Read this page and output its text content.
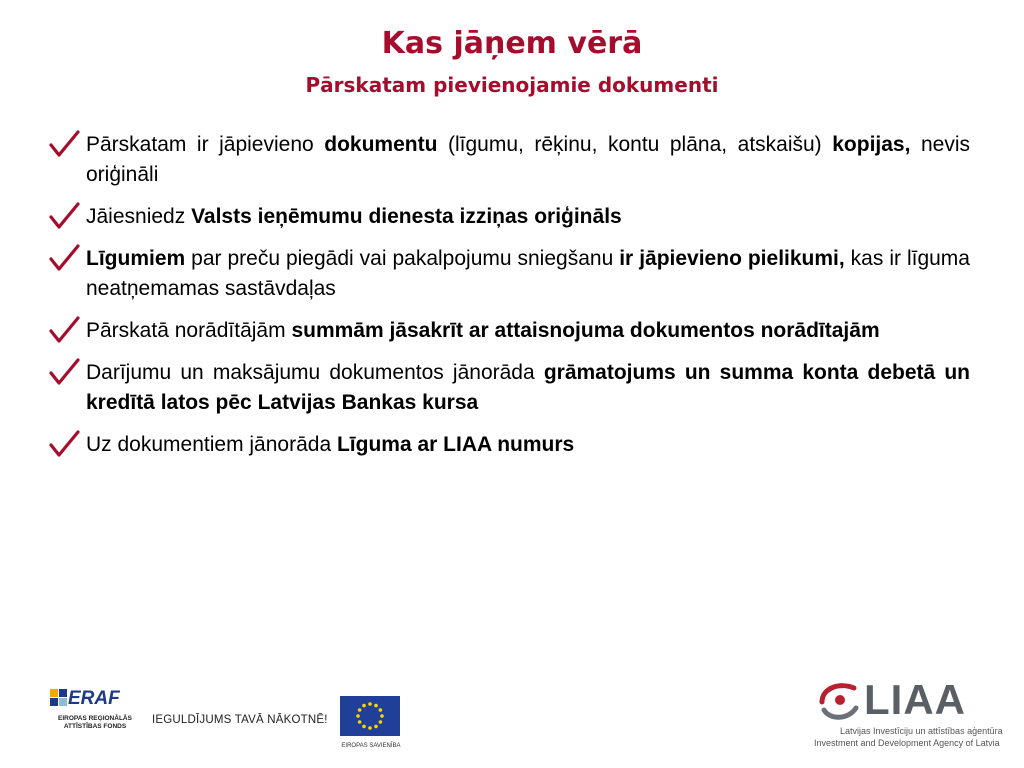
Kas jāņem vērā
Pārskatam pievienojamie dokumenti
Pārskatam ir jāpievieno dokumentu (līgumu, rēķinu, kontu plāna, atskaišu) kopijas, nevis oriģināli
Jāiesniedz Valsts ieņēmumu dienesta izziņas oriģināls
Līgumiem par preču piegādi vai pakalpojumu sniegšanu ir jāpievieno pielikumi, kas ir līguma neatņemamas sastāvdaļas
Pārskatā norādītājām summām jāsakrīt ar attaisnojuma dokumentos norādītajām
Darījumu un maksājumu dokumentos jānorāda grāmatojums un summa konta debetā un kredītā latos pēc Latvijas Bankas kursa
Uz dokumentiem jānorāda Līguma ar LIAA numurs
ERAF
EIROPAS REĢIONĀLĀS ATTĪSTĪBAS FONDS
IEGULDĪJUMS TAVĀ NĀKOTNĒ!
EIROPAS SAVIENĪBA
LIAA
Latvijas Investīciju un attīstības aģentūra
Investment and Development Agency of Latvia
